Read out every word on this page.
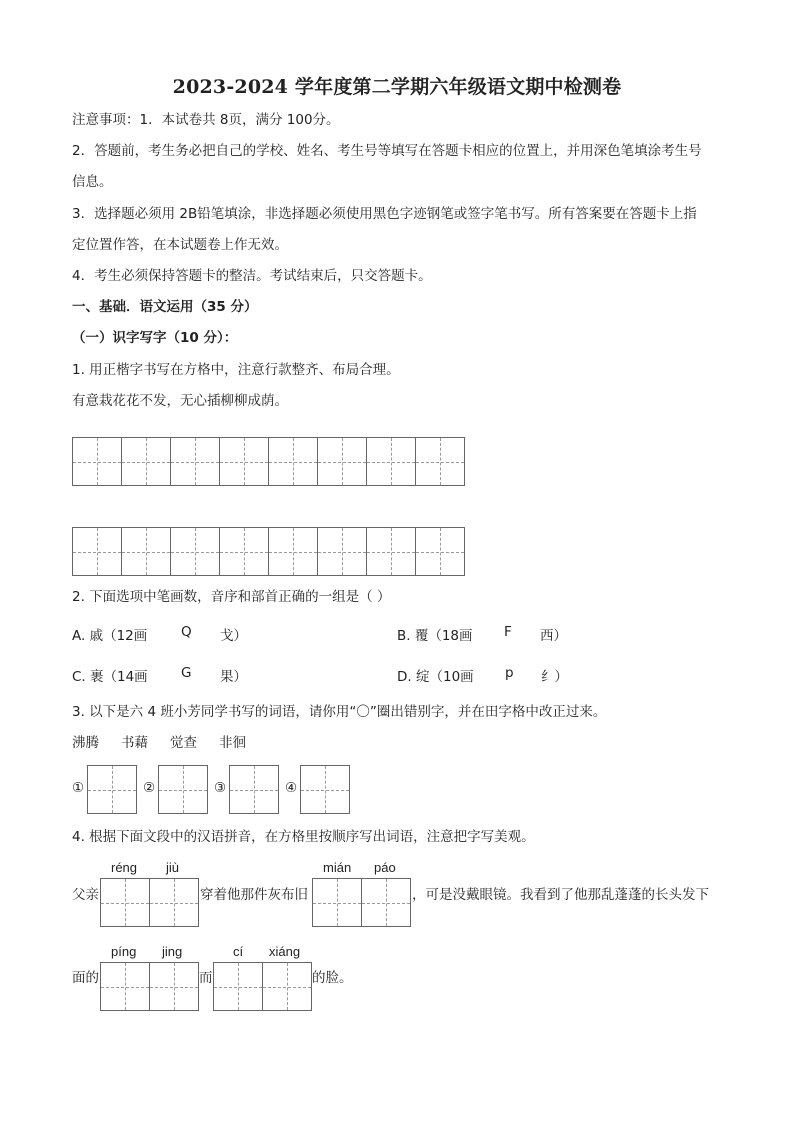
2023-2024 学年度第二学期六年级语文期中检测卷
注意事项：1．本试卷共 8页，满分 100分。
2．答题前，考生务必把自己的学校、姓名、考生号等填写在答题卡相应的位置上，并用深色笔填涂考生号
信息。
3．选择题必须用 2B铅笔填涂，非选择题必须使用黑色字迹钢笔或签字笔书写。所有答案要在答题卡上指
定位置作答，在本试题卷上作无效。
4．考生必须保持答题卡的整洁。考试结束后，只交答题卡。
一、基础．语文运用（35 分）
（一）识字写字（10 分）：
1. 用正楷字书写在方格中，注意行款整齐、布局合理。
有意栽花花不发，无心插柳柳成荫。
2. 下面选项中笔画数，音序和部首正确的一组是（ ）
A. 戚（12画 Q 戈）	B. 覆（18画 F 西）
C. 裹（14画 G 果）	D. 绽（10画 p 纟）
3. 以下是六 4 班小芳同学书写的词语，请你用“〇”圈出错别字，并在田字格中改正过来。
沸腾 书藉 觉查 非徊
①	②	③	④
4. 根据下面文段中的汉语拼音，在方格里按顺序写出词语，注意把字写美观。
réng jiù	mián páo
父亲	穿着他那件灰布旧	，可是没戴眼镜。我看到了他那乱蓬蓬的长头发下
píng jing	cí xiáng
面的	而	的脸。
